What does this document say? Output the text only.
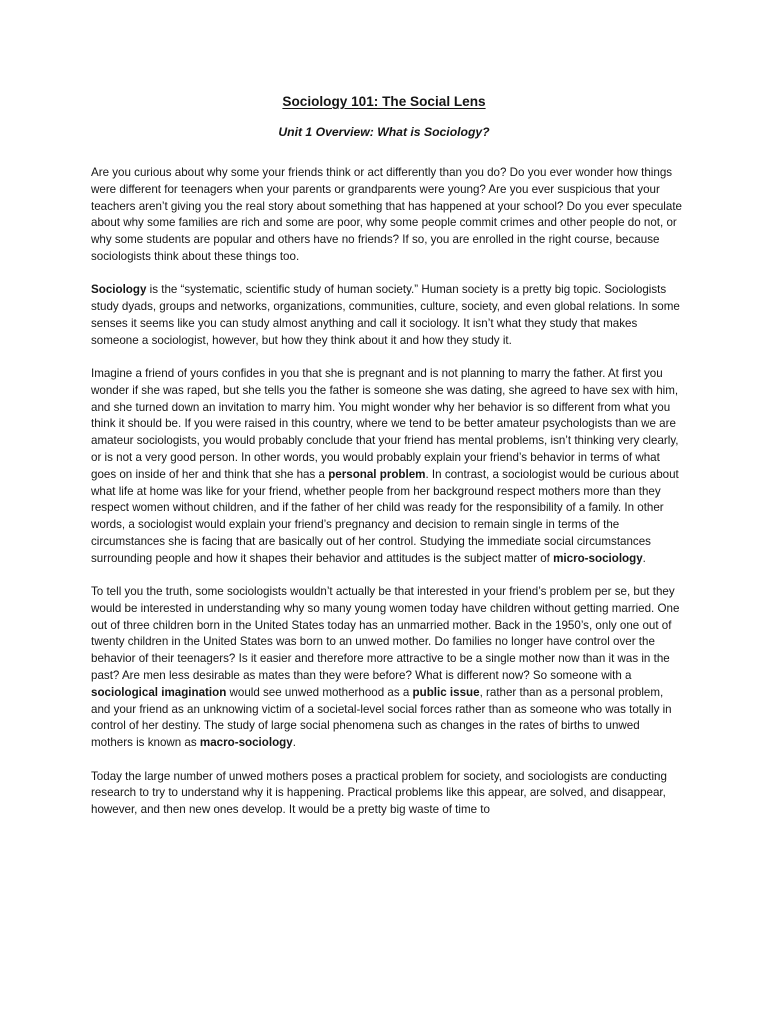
Sociology 101: The Social Lens
Unit 1 Overview: What is Sociology?

Are you curious about why some your friends think or act differently than you do? Do you ever wonder how things were different for teenagers when your parents or grandparents were young? Are you ever suspicious that your teachers aren’t giving you the real story about something that has happened at your school? Do you ever speculate about why some families are rich and some are poor, why some people commit crimes and other people do not, or why some students are popular and others have no friends? If so, you are enrolled in the right course, because sociologists think about these things too.

Sociology is the “systematic, scientific study of human society.” Human society is a pretty big topic. Sociologists study dyads, groups and networks, organizations, communities, culture, society, and even global relations. In some senses it seems like you can study almost anything and call it sociology. It isn’t what they study that makes someone a sociologist, however, but how they think about it and how they study it.

Imagine a friend of yours confides in you that she is pregnant and is not planning to marry the father. At first you wonder if she was raped, but she tells you the father is someone she was dating, she agreed to have sex with him, and she turned down an invitation to marry him. You might wonder why her behavior is so different from what you think it should be. If you were raised in this country, where we tend to be better amateur psychologists than we are amateur sociologists, you would probably conclude that your friend has mental problems, isn’t thinking very clearly, or is not a very good person. In other words, you would probably explain your friend’s behavior in terms of what goes on inside of her and think that she has a personal problem. In contrast, a sociologist would be curious about what life at home was like for your friend, whether people from her background respect mothers more than they respect women without children, and if the father of her child was ready for the responsibility of a family. In other words, a sociologist would explain your friend’s pregnancy and decision to remain single in terms of the circumstances she is facing that are basically out of her control. Studying the immediate social circumstances surrounding people and how it shapes their behavior and attitudes is the subject matter of micro-sociology.

To tell you the truth, some sociologists wouldn’t actually be that interested in your friend’s problem per se, but they would be interested in understanding why so many young women today have children without getting married. One out of three children born in the United States today has an unmarried mother. Back in the 1950’s, only one out of twenty children in the United States was born to an unwed mother. Do families no longer have control over the behavior of their teenagers? Is it easier and therefore more attractive to be a single mother now than it was in the past? Are men less desirable as mates than they were before? What is different now? So someone with a sociological imagination would see unwed motherhood as a public issue, rather than as a personal problem, and your friend as an unknowing victim of a societal-level social forces rather than as someone who was totally in control of her destiny. The study of large social phenomena such as changes in the rates of births to unwed mothers is known as macro-sociology.

Today the large number of unwed mothers poses a practical problem for society, and sociologists are conducting research to try to understand why it is happening. Practical problems like this appear, are solved, and disappear, however, and then new ones develop. It would be a pretty big waste of time to
